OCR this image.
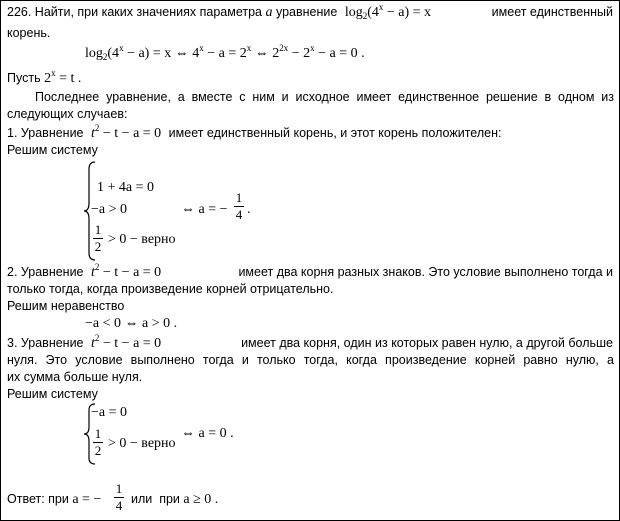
226. Найти, при каких значениях параметра a уравнение $\log_2(4^x - a) = x$	имеет единственный
корень.
$\log_2(4^x - a) = x$ ⇔ $4^x - a = 2^x$ ⇔ $2^{2x} - 2^x - a = 0$ .
Пусть $2^x = t$ .
Последнее уравнение, а вместе с ним и исходное имеет единственное решение в одном из
следующих случаев:
1. Уравнение $t^2 - t - a = 0$ имеет единственный корень, и этот корень положителен:
Решим систему
1 + 4a = 0
−a > 0
1
2 > 0 − верно
⇔ a = −
1
4 .
2. Уравнение $t^2 - t - a = 0$	имеет два корня разных знаков. Это условие выполнено тогда и
только тогда, когда произведение корней отрицательно.
Решим неравенство
−a < 0 ⇔ a > 0 .
3. Уравнение $t^2 - t - a = 0$	имеет два корня, один из которых равен нулю, а другой больше
нуля. Это условие выполнено тогда и только тогда, когда произведение корней равно нулю, а
их сумма больше нуля.
Решим систему
−a = 0
1
2 > 0 − верно
⇔ a = 0 .
Ответ: при a = −
1
4 или  при a ≥ 0 .
